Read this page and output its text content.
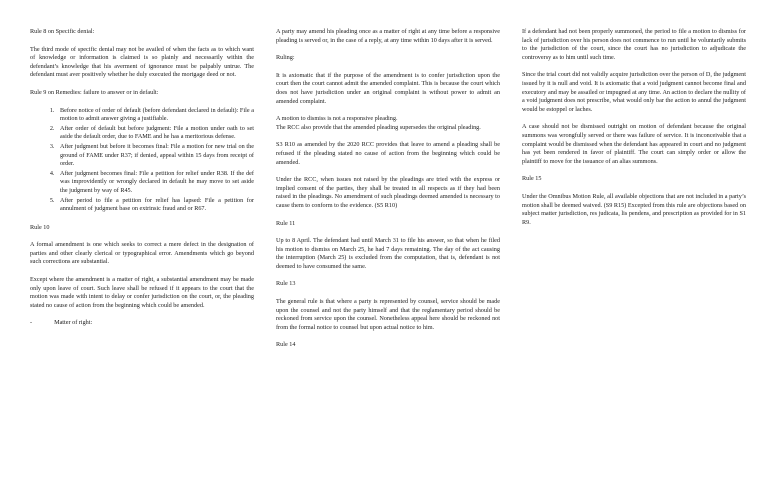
Rule 8 on Specific denial:

The third mode of specific denial may not be availed of when the facts as to which want of knowledge or information is claimed is so plainly and necessarily within the defendant’s knowledge that his averment of ignorance must be palpably untrue. The defendant must aver positively whether he duly executed the mortgage deed or not.

Rule 9 on Remedies: failure to answer or in default:

1. Before notice of order of default (before defendant declared in default): File a motion to admit answer giving a justifiable.
2. After order of default but before judgment: File a motion under oath to set aside the default order, due to FAME and he has a meritorious defense.
3. After judgment but before it becomes final: File a motion for new trial on the ground of FAME under R37; if denied, appeal within 15 days from receipt of order.
4. After judgment becomes final: File a petition for relief under R38. If the def was improvidently or wrongly declared in default he may move to set aside the judgment by way of R45.
5. After period to file a petition for relief has lapsed: File a petition for annulment of judgment base on extrinsic fraud and or R67.

Rule 10

A formal amendment is one which seeks to correct a mere defect in the designation of parties and other clearly clerical or typographical error. Amendments which go beyond such corrections are substantial.

Except where the amendment is a matter of right, a substantial amendment may be made only upon leave of court. Such leave shall be refused if it appears to the court that the motion was made with intent to delay or confer jurisdiction on the court, or, the pleading stated no cause of action from the beginning which could be amended.

-	Matter of right:

A party may amend his pleading once as a matter of right at any time before a responsive pleading is served or, in the case of a reply, at any time within 10 days after it is served.

Ruling:

It is axiomatic that if the purpose of the amendment is to confer jurisdiction upon the court then the court cannot admit the amended complaint. This is because the court which does not have jurisdiction under an original complaint is without power to admit an amended complaint.

A motion to dismiss is not a responsive pleading.
The RCC also provide that the amended pleading supersedes the original pleading.

S3 R10 as amended by the 2020 RCC provides that leave to amend a pleading shall be refused if the pleading stated no cause of action from the beginning which could be amended.

Under the RCC, when issues not raised by the pleadings are tried with the express or implied consent of the parties, they shall be treated in all respects as if they had been raised in the pleadings. No amendment of such pleadings deemed amended is necessary to cause them to conform to the evidence. (S5 R10)

Rule 11

Up to 8 April. The defendant had until March 31 to file his answer, so that when he filed his motion to dismiss on March 25, he had 7 days remaining. The day of the act causing the interruption (March 25) is excluded from the computation, that is, defendant is not deemed to have consumed the same.

Rule 13

The general rule is that where a party is represented by counsel, service should be made upon the counsel and not the party himself and that the reglamentary period should be reckoned from service upon the counsel. Nonetheless appeal here should be reckoned not from the formal notice to counsel but upon actual notice to him.

Rule 14

If a defendant had not been properly summoned, the period to file a motion to dismiss for lack of jurisdiction over his person does not commence to run until he voluntarily submits to the jurisdiction of the court, since the court has no jurisdiction to adjudicate the controversy as to him until such time.

Since the trial court did not validly acquire jurisdiction over the person of D, the judgment issued by it is null and void. It is axiomatic that a void judgment cannot become final and executory and may be assailed or impugned at any time. An action to declare the nullity of a void judgment does not prescribe, what would only bar the action to annul the judgment would be estoppel or laches.

A case should not be dismissed outright on motion of defendant because the original summons was wrongfully served or there was failure of service. It is inconceivable that a complaint would be dismissed when the defendant has appeared in court and no judgment has yet been rendered in favor of plaintiff. The court can simply order or allow the plaintiff to move for the issuance of an alias summons.

Rule 15

Under the Omnibus Motion Rule, all available objections that are not included in a party’s motion shall be deemed waived. (S9 R15) Excepted from this rule are objections based on subject matter jurisdiction, res judicata, lis pendens, and prescription as provided for in S1 R9.
